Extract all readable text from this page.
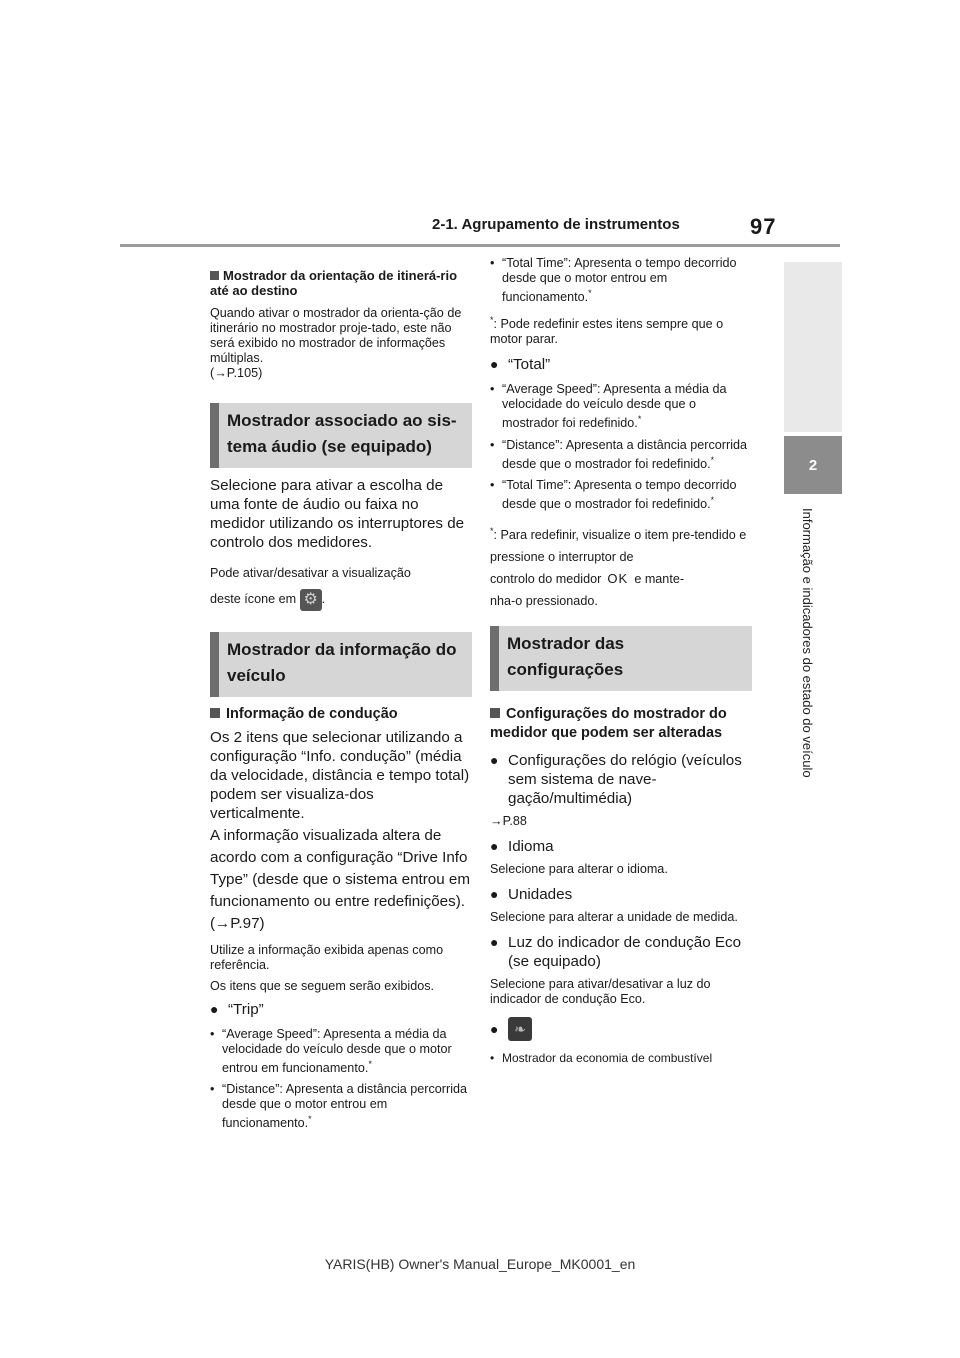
2-1. Agrupamento de instrumentos	97
2
Informação e indicadores do estado do veículo
Mostrador da orientação de itinerá-rio até ao destino
Quando ativar o mostrador da orienta-ção de itinerário no mostrador proje-tado, este não será exibido no mostrador de informações múltiplas.
(→P.105)
Mostrador associado ao sis-tema áudio (se equipado)
Selecione para ativar a escolha de uma fonte de áudio ou faixa no medidor utilizando os interruptores de controlo dos medidores.
Pode ativar/desativar a visualização
deste ícone em ⚙ .
Mostrador da informação do veículo
Informação de condução
Os 2 itens que selecionar utilizando a configuração “Info. condução” (média da velocidade, distância e tempo total) podem ser visualiza-dos verticalmente.
A informação visualizada altera de acordo com a configuração “Drive Info Type” (desde que o sistema entrou em funcionamento ou entre redefinições). (→P.97)
Utilize a informação exibida apenas como referência.
Os itens que se seguem serão exibidos.
● “Trip”
• “Average Speed”: Apresenta a média da velocidade do veículo desde que o motor entrou em funcionamento.*
• “Distance”: Apresenta a distância percorrida desde que o motor entrou em funcionamento.*
• “Total Time”: Apresenta o tempo decorrido desde que o motor entrou em funcionamento.*
*: Pode redefinir estes itens sempre que o motor parar.
● “Total”
• “Average Speed”: Apresenta a média da velocidade do veículo desde que o mostrador foi redefinido.*
• “Distance”: Apresenta a distância percorrida desde que o mostrador foi redefinido.*
• “Total Time”: Apresenta o tempo decorrido desde que o mostrador foi redefinido.*
*: Para redefinir, visualize o item pre-tendido e pressione o interruptor de
controlo do medidor OK e mante-
nha-o pressionado.
Mostrador das configurações
Configurações do mostrador do medidor que podem ser alteradas
● Configurações do relógio (veículos sem sistema de nave-gação/multimédia)
→P.88
● Idioma
Selecione para alterar o idioma.
● Unidades
Selecione para alterar a unidade de medida.
● Luz do indicador de condução Eco (se equipado)
Selecione para ativar/desativar a luz do indicador de condução Eco.
●	❧
• Mostrador da economia de combustível
YARIS(HB) Owner's Manual_Europe_MK0001_en
